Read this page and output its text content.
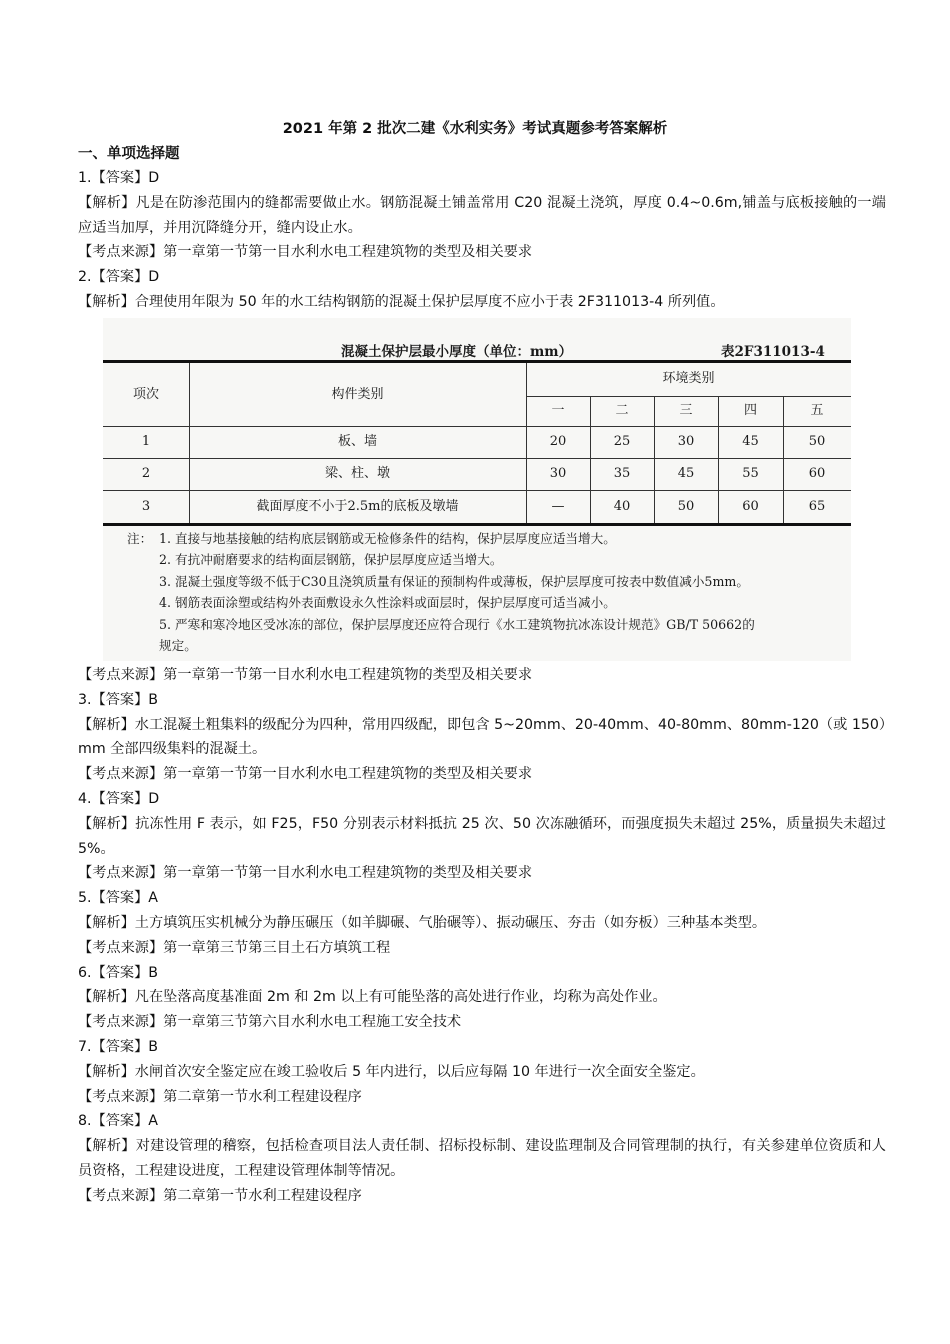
2021 年第 2 批次二建《水利实务》考试真题参考答案解析
一、单项选择题

1.【答案】D

【解析】凡是在防渗范围内的缝都需要做止水。钢筋混凝土铺盖常用 C20 混凝土浇筑，厚度 0.4~0.6m,铺盖与底板接触的一端应适当加厚，并用沉降缝分开，缝内设止水。

【考点来源】第一章第一节第一目水利水电工程建筑物的类型及相关要求

2.【答案】D

【解析】合理使用年限为 50 年的水工结构钢筋的混凝土保护层厚度不应小于表 2F311013-4 所列值。

混凝土保护层最小厚度（单位：mm）	表2F311013-4
项次	构件类别
环境类别
一	二	三	四	五
1	板、墙	20	25	30	45	50
2	梁、柱、墩	30	35	45	55	60
3	截面厚度不小于2.5m的底板及墩墙	—	40	50	60	65
注： 1. 直接与地基接触的结构底层钢筋或无检修条件的结构，保护层厚度应适当增大。
2. 有抗冲耐磨要求的结构面层钢筋，保护层厚度应适当增大。
3. 混凝土强度等级不低于C30且浇筑质量有保证的预制构件或薄板，保护层厚度可按表中数值减小5mm。
4. 钢筋表面涂塑或结构外表面敷设永久性涂料或面层时，保护层厚度可适当减小。
5. 严寒和寒冷地区受冰冻的部位，保护层厚度还应符合现行《水工建筑物抗冰冻设计规范》GB/T 50662的
规定。

【考点来源】第一章第一节第一目水利水电工程建筑物的类型及相关要求

3.【答案】B

【解析】水工混凝土粗集料的级配分为四种，常用四级配，即包含 5~20mm、20-40mm、40-80mm、80mm-120（或 150）mm 全部四级集料的混凝土。

【考点来源】第一章第一节第一目水利水电工程建筑物的类型及相关要求

4.【答案】D

【解析】抗冻性用 F 表示，如 F25，F50 分别表示材料抵抗 25 次、50 次冻融循环，而强度损失未超过 25%，质量损失未超过 5%。

【考点来源】第一章第一节第一目水利水电工程建筑物的类型及相关要求

5.【答案】A

【解析】土方填筑压实机械分为静压碾压（如羊脚碾、气胎碾等）、振动碾压、夯击（如夯板）三种基本类型。

【考点来源】第一章第三节第三目土石方填筑工程

6.【答案】B

【解析】凡在坠落高度基准面 2m 和 2m 以上有可能坠落的高处进行作业，均称为高处作业。

【考点来源】第一章第三节第六目水利水电工程施工安全技术

7.【答案】B

【解析】水闸首次安全鉴定应在竣工验收后 5 年内进行，以后应每隔 10 年进行一次全面安全鉴定。

【考点来源】第二章第一节水利工程建设程序

8.【答案】A

【解析】对建设管理的稽察，包括检查项目法人责任制、招标投标制、建设监理制及合同管理制的执行，有关参建单位资质和人员资格，工程建设进度，工程建设管理体制等情况。

【考点来源】第二章第一节水利工程建设程序
